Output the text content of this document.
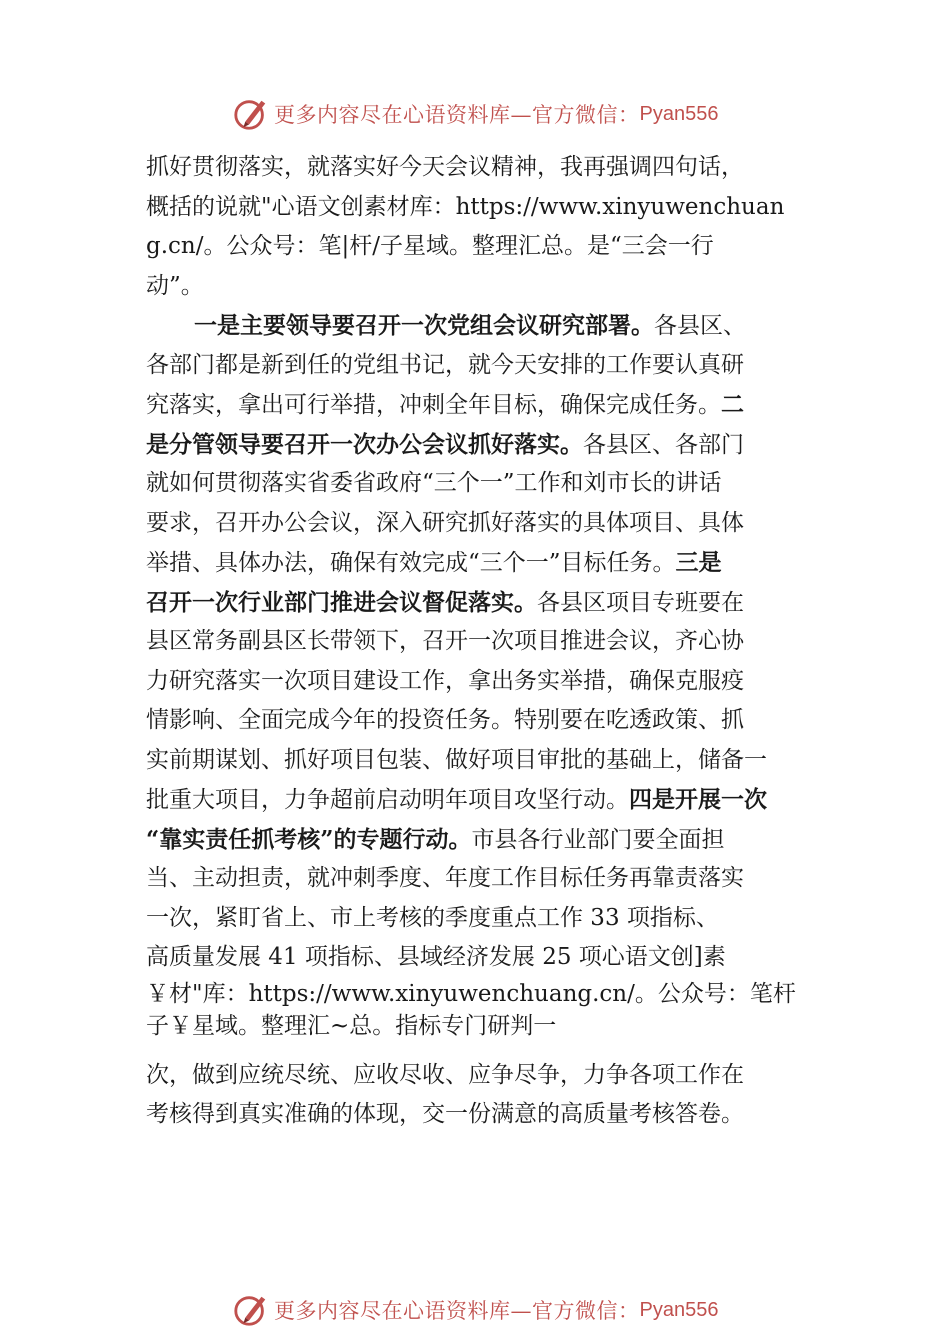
更多内容尽在心语资料库—官方微信： Pyan556
抓好贯彻落实，就落实好今天会议精神，我再强调四句话，
概括的说就"心语文创素材库：https://www.xinyuwenchuan
g.cn/。公众号：笔|杆/子星域。整理汇总。是“三会一行
动”。
一是主要领导要召开一次党组会议研究部署。各县区、
各部门都是新到任的党组书记，就今天安排的工作要认真研
究落实，拿出可行举措，冲刺全年目标，确保完成任务。二
是分管领导要召开一次办公会议抓好落实。各县区、各部门
就如何贯彻落实省委省政府“三个一”工作和刘市长的讲话
要求，召开办公会议，深入研究抓好落实的具体项目、具体
举措、具体办法，确保有效完成“三个一”目标任务。三是
召开一次行业部门推进会议督促落实。各县区项目专班要在
县区常务副县区长带领下，召开一次项目推进会议，齐心协
力研究落实一次项目建设工作，拿出务实举措，确保克服疫
情影响、全面完成今年的投资任务。特别要在吃透政策、抓
实前期谋划、抓好项目包装、做好项目审批的基础上，储备一
批重大项目，力争超前启动明年项目攻坚行动。四是开展一次
“靠实责任抓考核”的专题行动。市县各行业部门要全面担
当、主动担责，就冲刺季度、年度工作目标任务再靠责落实
一次，紧盯省上、市上考核的季度重点工作 33 项指标、
高质量发展 41 项指标、县域经济发展 25 项心语文创]素
￥材"库：https://www.xinyuwenchuang.cn/。公众号：笔杆
子￥星域。整理汇~总。指标专门研判一
次，做到应统尽统、应收尽收、应争尽争，力争各项工作在
考核得到真实准确的体现，交一份满意的高质量考核答卷。
更多内容尽在心语资料库—官方微信： Pyan556
